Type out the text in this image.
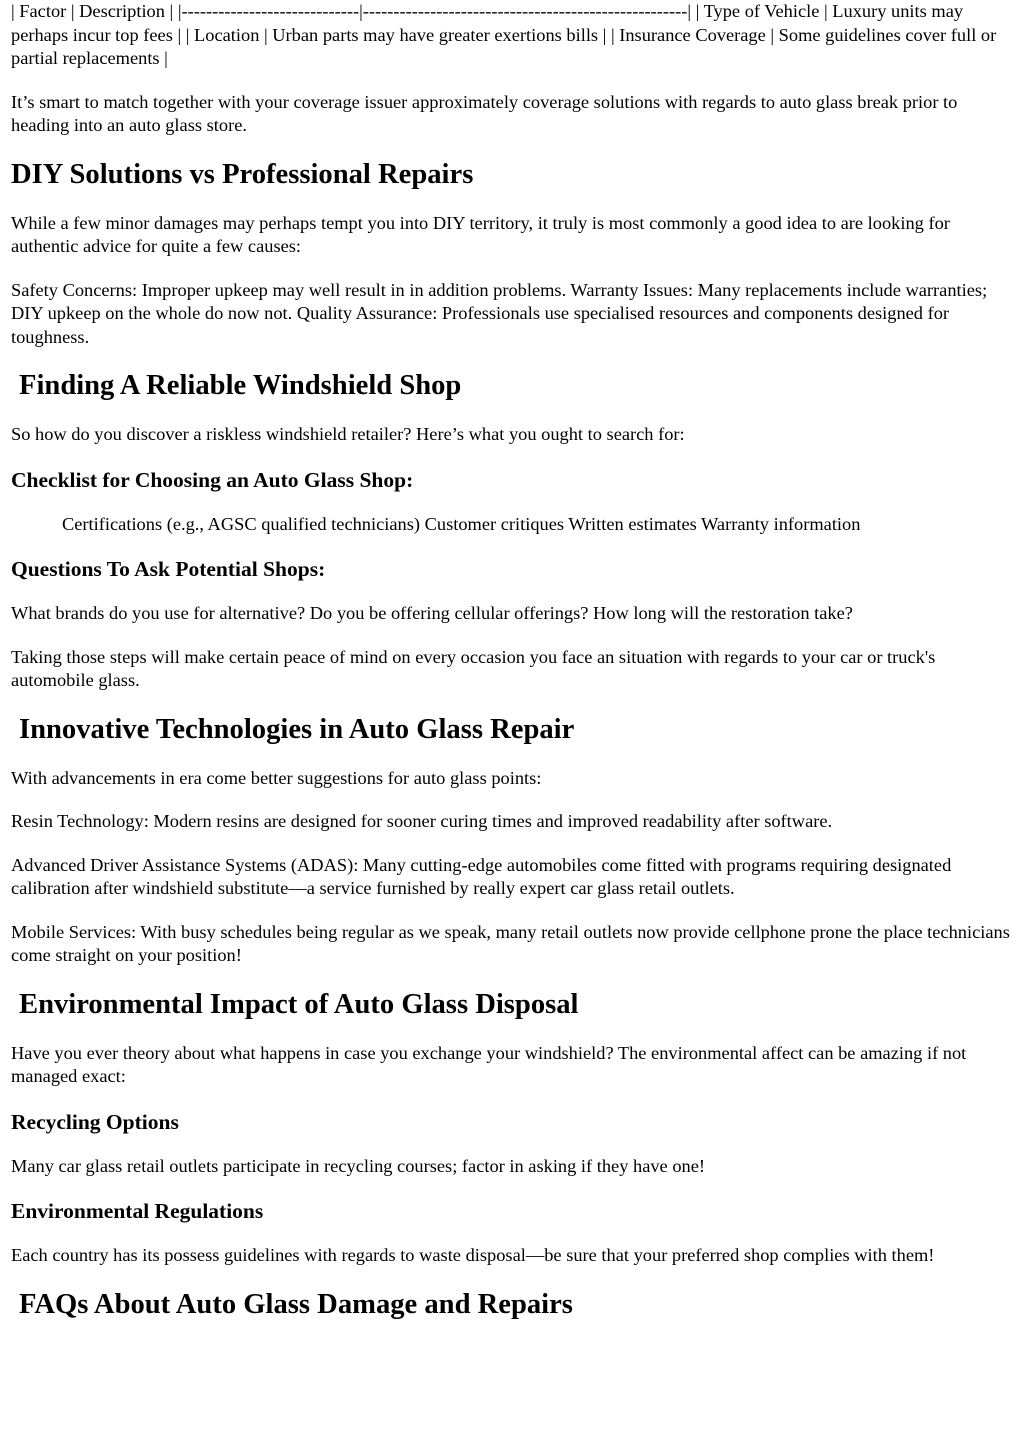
| Factor | Description | |-----------------------------|-----------------------------------------------------| | Type of Vehicle | Luxury units may perhaps incur top fees | | Location | Urban parts may have greater exertions bills | | Insurance Coverage | Some guidelines cover full or partial replacements |

It’s smart to match together with your coverage issuer approximately coverage solutions with regards to auto glass break prior to heading into an auto glass store.

DIY Solutions vs Professional Repairs

While a few minor damages may perhaps tempt you into DIY territory, it truly is most commonly a good idea to are looking for authentic advice for quite a few causes:

Safety Concerns: Improper upkeep may well result in in addition problems. Warranty Issues: Many replacements include warranties; DIY upkeep on the whole do now not. Quality Assurance: Professionals use specialised resources and components designed for toughness.

Finding A Reliable Windshield Shop

So how do you discover a riskless windshield retailer? Here’s what you ought to search for:

Checklist for Choosing an Auto Glass Shop:

Certifications (e.g., AGSC qualified technicians) Customer critiques Written estimates Warranty information

Questions To Ask Potential Shops:

What brands do you use for alternative? Do you be offering cellular offerings? How long will the restoration take?

Taking those steps will make certain peace of mind on every occasion you face an situation with regards to your car or truck's automobile glass.

Innovative Technologies in Auto Glass Repair

With advancements in era come better suggestions for auto glass points:

Resin Technology: Modern resins are designed for sooner curing times and improved readability after software.

Advanced Driver Assistance Systems (ADAS): Many cutting-edge automobiles come fitted with programs requiring designated calibration after windshield substitute—a service furnished by really expert car glass retail outlets.

Mobile Services: With busy schedules being regular as we speak, many retail outlets now provide cellphone prone the place technicians come straight on your position!

Environmental Impact of Auto Glass Disposal

Have you ever theory about what happens in case you exchange your windshield? The environmental affect can be amazing if not managed exact:

Recycling Options

Many car glass retail outlets participate in recycling courses; factor in asking if they have one!

Environmental Regulations

Each country has its possess guidelines with regards to waste disposal—be sure that your preferred shop complies with them!

FAQs About Auto Glass Damage and Repairs
